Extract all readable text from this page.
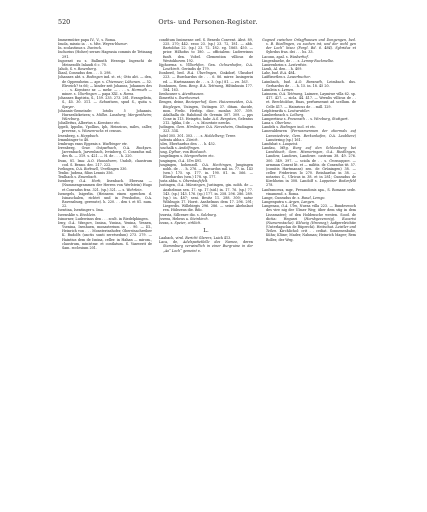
520	Orts- und Personen-Register.

Immermütze papa IV., V., s. Roma.

Imola, missio ia . . s. Mte. Weyen-blumer.

In. scolastinus s. Davinck.

Inchorius (Hoher) seraro Hagrasia commis de Tetinang 291.

Ingoenst zu z. Ballmuth Herzoga Ingenchi de Meinesolfs Inlaudi 6 c. 70.

Jahob, S. v. Rosenberg.

Ilianl, Conradus den . . . 5. 298.

Johannes abt. s. Bodingen ind. st. et.; Otto abt. — den, de Oppensheim — apr. s. Chiemsee; Lühenan. — 52. Elsveich? tz 66; — kinder zeit Johanns, Johannes des . . . s. Konstanz nr. — mehr. — . . . s. Hormuth — miner. s. Überlingen — papa XXI. s. Roma.

Johannes Baptista, S., 159. 235. 273. 281. Evangelista, S., 45. 30. 311. — Sebastians, spud S., quita s. Speyer.

Johannis-Gemeinde: Iotolis 5 Johannis. Hurneslicketzen; s. Mülkn. Lassberg; Mergentheim; Würzburg.

Joballettus, Albertus s. Konstanz etc.

Ippeli, Ippolin, Ypollius, Iph, Heinricus, miles, caller, prevenr., s. Wiesenrucks et census.

Irsenberg, s. Heppbach.

Irmmbinger to 48.

Irmbrugs enns Eppenis s. Wadbinger etr.

Irrenberg, Grav. Ostpathach, O.A. Backpen. Jarvenbach, Jarvenbach, Ivvinberg. C. Conradus mil. des th. — 319. s. 421. — H. de . . . h. 220.

Iivan, 81. Ima: A.O. Haussburm, Undolt, claustrum cod. S. Benno. dec. 217. 222.

Ivelingen, O.A. Bottwell, Uvetlingen 330.

Tenlin: Judena, filius Lennis 356.

Tenlhach s. Essenbach.

Isenberg: O.A. Horb, Iisenbach. Eberusa — (Nummengrammen der Herren von Werlstein) Hugo et Conradus fras. 321. (sp.) 321. — s. Wehrlein.

Isenegels, Isigerlin. (Heinsem einen sprechen d. Isinaschalen, richtet und in Prushofon, O.A. Ravensburg, gerenste). h. 220. . . den t. et 81. num. 22.

Isentina, Isentinger s. Ima.

Iseensklie s. Eissklein.

Isinorner, Ludewinus den . . . scult. in Riedelphingen.

Ieny, O.A. Wangen, Isnina, Ysnina, Yenina, Yesnen, Ysenina, Isenhuen, monasterium in . . 90. — III., Heinrich von . . . Monsterinshofer, Oberstsachreiber K. Rudolfs (unctis sunti seretsedum) 273. 279. — Haintius dem de Isnina, celler. in Hahan — mirom., claustrum, ministrar. et contlatum. S. Vanwerit de Sam. ecclesium 201.

conditum Isnimense ord. S. Benedo Convent. Abst. 89, 225. 270; 442. eeoo 23. (sp.) 23. 72, 181. — abb. Bartoldus 22. (sp.) 23. 72. 182. eg. 1865. 450. — prior. Hilhofus to 180. — officialem: Luderwinus funft. den. Vobel. Clemention villicus de Westokhoven 192.

Iijphorena s. Yllborkfen, Gen. Ochsenhofen, O.A. Leutkirch. Gerindis de 179.

Itonberd, bed. B.A. Überlingen, Cinkdorf, Ulnsdorf 223. — Burchardus de . . . 6. 86. mirer. Insingerin ed. — Hartmannus de . . . s. 3. (sp.) 81. — en. 163.

Itonhunen, Gem. Beng. B.A. Tettnang, Hiltinhusin 177. 184. 163.

Iienhouser s. Atenthausen.

Ilimerthi s. Ilserheumet.

Ilenges, deine, Bezieperhof, Gem. Huizenweiden, O.A. Bieglegen, Uuingen, Uutingen 37. ditam. dacide, mon. Frelic. Herbip. dioc. monlas 307. 309. Adalhalla dr. Rahdonil dr. Gremin 307. 309. — pps Cone in 113. Heinptto, habr. A.S. Bergsten, Gelentus 212. Iglika, I de . . . s. Mountain nercks.

Judingen, Gem. Hirslingen O.A. Neresheim, Gtudingen 323. 334.

Judel 305. 301. 303. . . . s. Holdelberg; Treer.

Judenta abba s. Zürich.

Jules, Eberhardus den . . . h. 452.

Junchalk s. Andelfingen.

Jung, Dythar, von Bieduach.

Jungelingen s. Mergentheim etc.

Jungingen, O.A. Ulm 491.

Jungingen, hohenzoll. O.A. Hechingen, Jungingen nobh. de . . . h. 276. — Burcardus mil. in. 77. in. 143 (sen.) 175. sp. 177. in. 190. 81. in. 566. — Eberhardus (sen.) 178. sp. 177.

Justa abba. s. Oberstaufzfelt.

Justingen, O.A. Münsingen, Justingen, gin. nobh. de — Anshelmus sen. 17. sp. 17.(sid.) in. 17. 76. (sp.) 77. 143. (sp.) 143. 176. (sp.) 177. in. 258. 296. 286. 289. (sp.) in. 487; seni. Besitz 11. 288. 300; natur Wilsbugis 17. Horst. Anshelmus dem 17. 296. 291; Liegerdis. Willebirgis 296. 286. — seine Abehnlaot ren. Hülezeus die. Bdo.

Juvavia, Sillcenre dio. s. Salzburg.

Juvens, Hebrus a. Steinkirch.

Iuvan, s. Speier, cirklich.

L.

Laabach, viral. Bericht Glarers, Laich 413.

Laca, de, Adelspatietlelle des Namee, deren Stammburg verwindlich in einer Burgruine in der „Ao“ Loch“ gemeint e.

Gugned zwischen Orlagfhausen und Dongengen, bed. s. B. Riedlingen, zu suchen int, und der wohl gen der Loch“ bisez (Forgl. Bd. 6. 484). Sybridus et Sybrdus fras. dei . . . hs. 33.

Laconn, apal. s. Wasberhof.

Lingenbaehe, de . . . s. Lemnp-Ruckmelbe.

Lanirenheim s. Lesterdsin.

Lizuli, Al. den . . h. 409.

Lahr, bad. B.A. 484.

Laiffirortlen s. Lawerbucher.

Laimbach, bad. A.O. Baranath, Leimbach. dus. Gerhardus de . . . h. 15. in. 18. 45 20.

Laimlein s. Lemen.

Lainnem, O.A. Tettnang, Laimwe, Laymiwe villa 62. sp. 417. 427. — sicla. 44. 417. — Wernlis villicus de . . et. Berchtoldue, Ruas, perfurnerant ad scellum. de Celle 417. — Hainricus de . . mill. 129.

Leiphtenrifa s. Leutwratiler.

Lamberheach s. Lelberg.

Lampertissz s. Fresenath . . s. Wirzburg, Stuttgart.

Lana s. Oberlanz.

Landels s. Bodingen incl. et etc.

Laneraldeuren (Pernosmennum der ebermals auf Lanswiedreie, Gem. Berkunkofen, O.A. Laubliere) Lanutrzing (sp.) 161.

Landsbat s. Laupeist.

Landau, Mhg. Burg auf den Schlossberg bei Landsbuch, Gem. Hismeringen, O.A. Riedlingen, Landow, Landows, Landowe. castrum 38. 49. 276. 300. 349. 397. — sciola de . . s. Grossuppen. — armman Conrat lit. et — militis. dr. Conradus tit. 57. (comitis Hartmanns) sen. de Grüningen) 38. — celler. Friderieus lo 270. Reinhardus in 38. — notarius C., Ulricus in 38. et in 281; Cunradus de Kirchheim in 308. Landolf s. Lappeiner Bodenfeld 278.

Lanfranceux, mgr., Presandonis apa., S. Romane sede. vinamend. s. Roma.

Lange, Cunradus dr. s. Basel, Lemgo.

Langenputra s. Argen, Langen.

Langenau, O.A. Ulm, Nuesa villa 223. — Bundeswoch des vire nig der Ulmer Weg; über dem stig in dem Lisssmatee); of den Holdensche westen. Sood. de dictia: Hegusri (Horsbgeverenig). Eucarisi (Numerostacke). Elduvig (Hresneg); Aufgerelrichtie (Unterlagsclan de Rüperchi). Heitschut. Leistler und Teilen. Kirchlichol: crit . . cediat. Sonnenenbabe, Kühn; Klüne; Mader, Nahman; Heinrich Mager; Rem Bolles; der Weg.
